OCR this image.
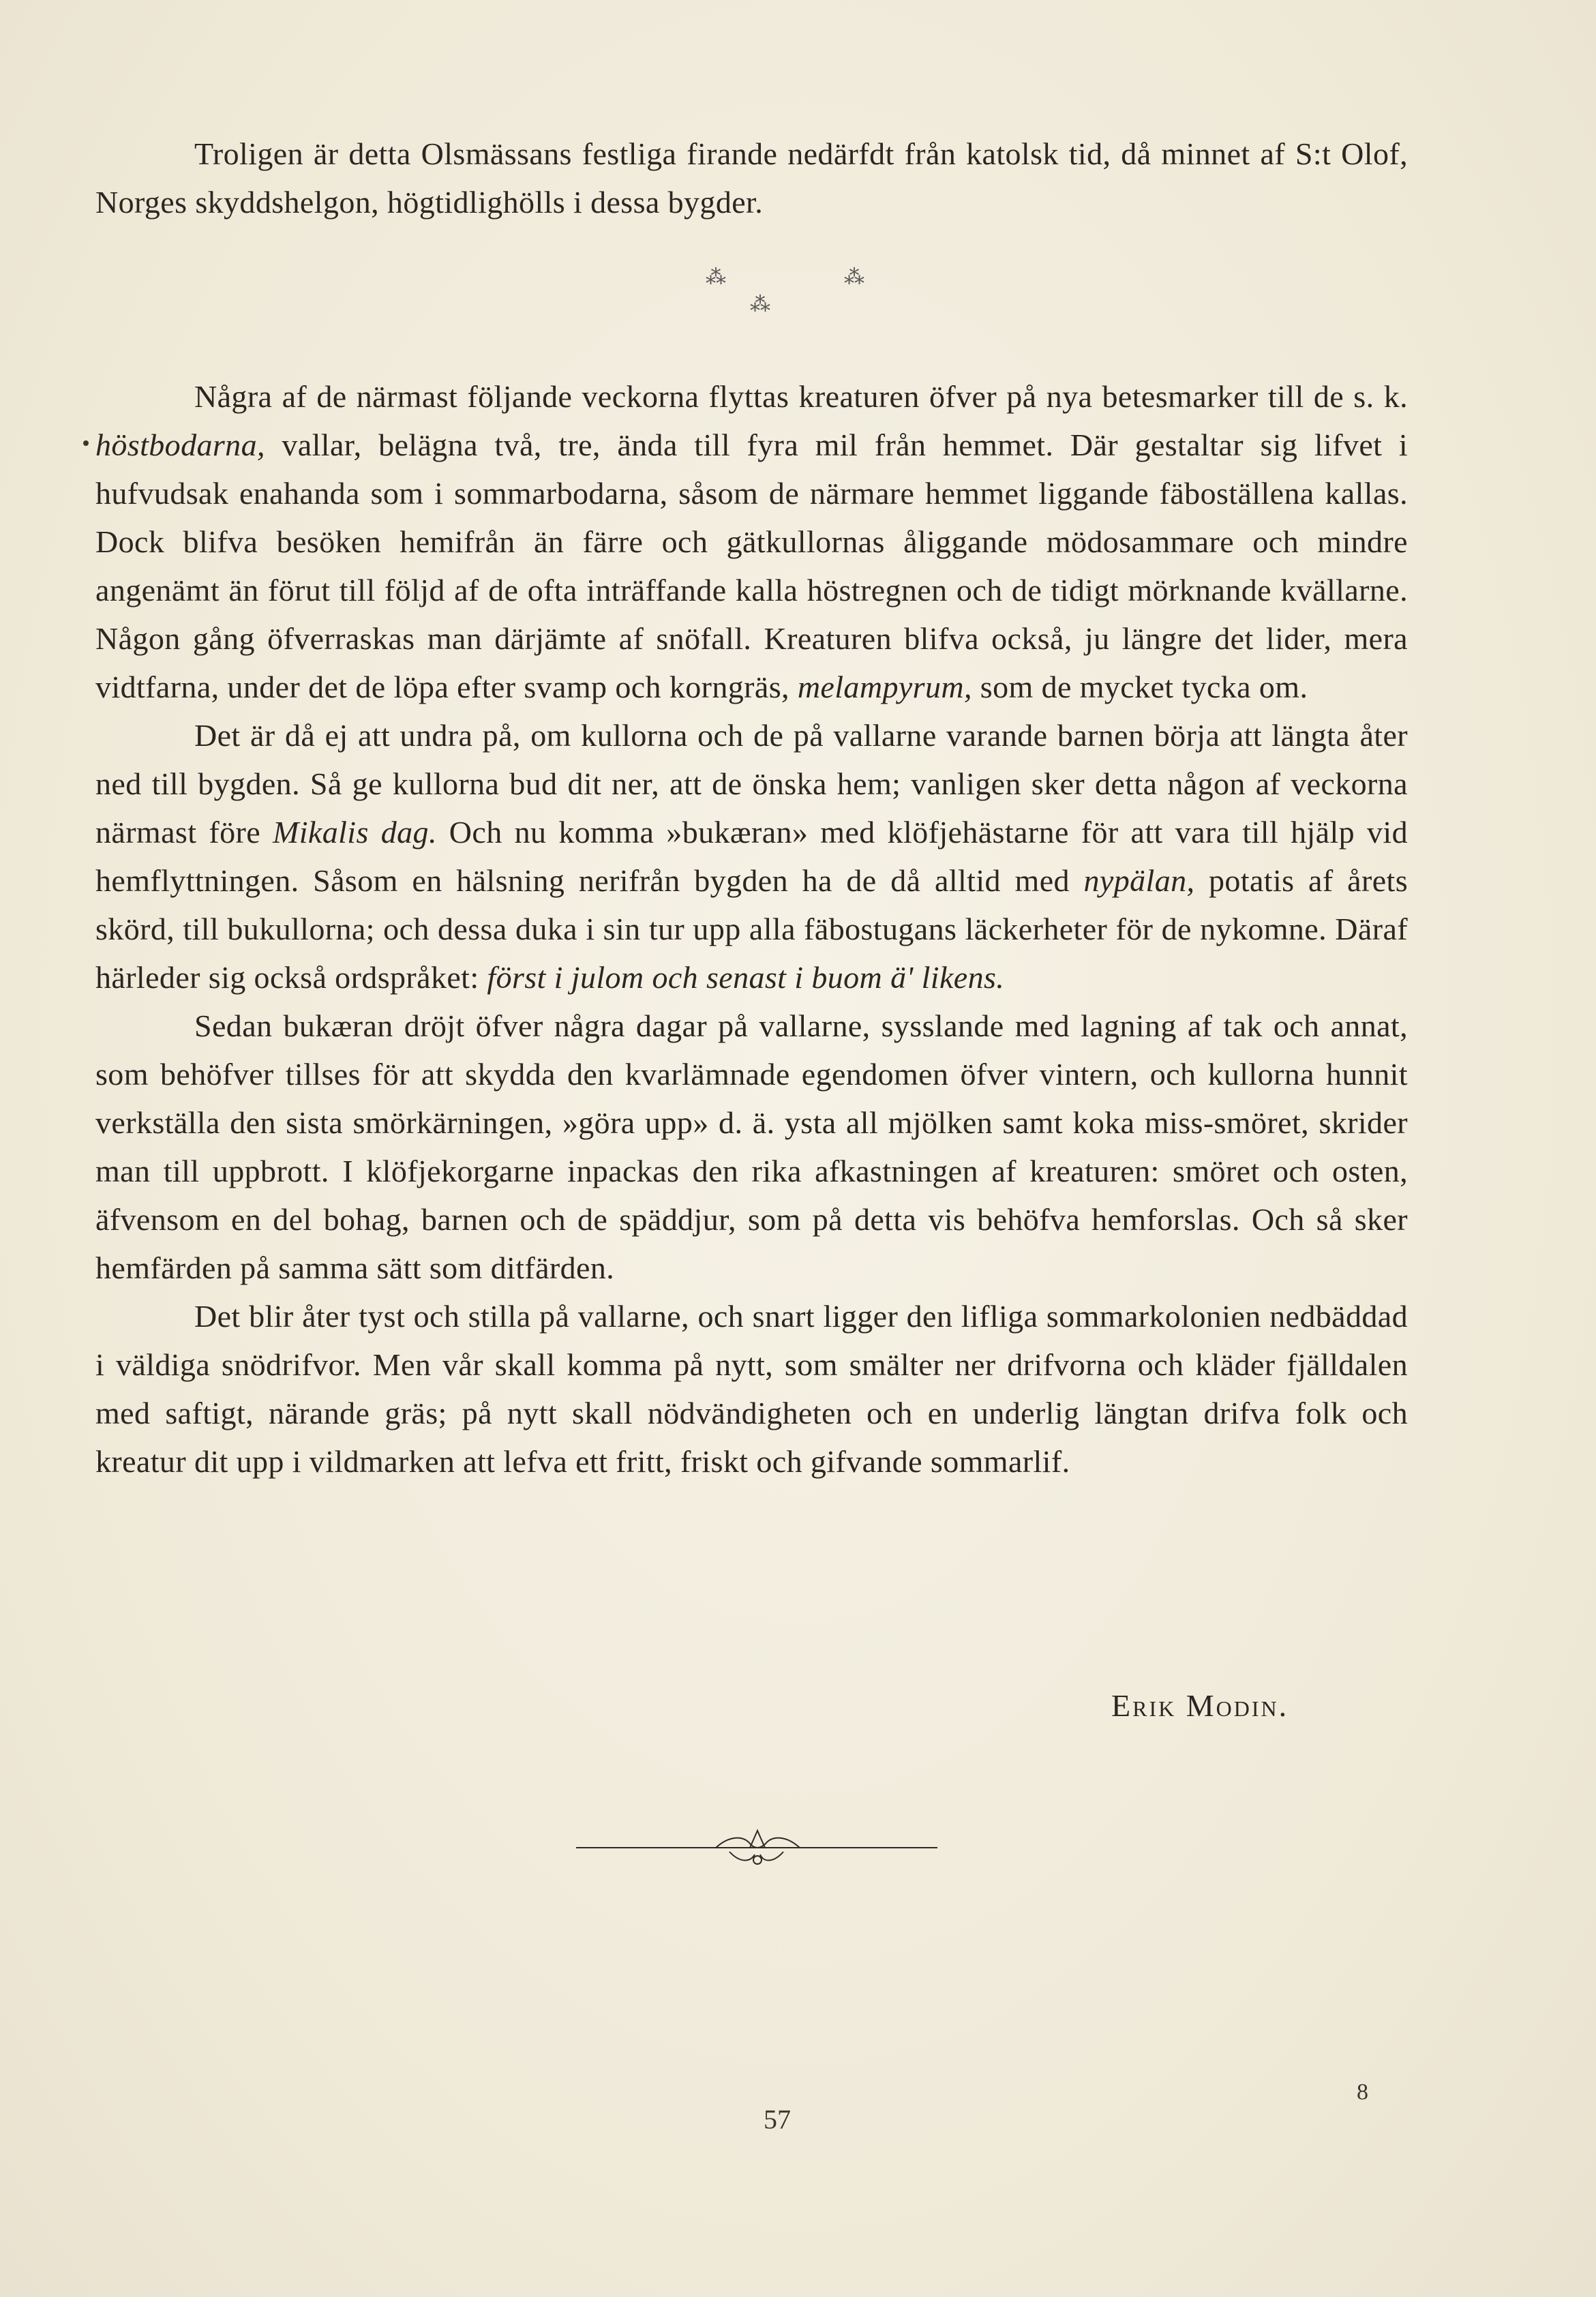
Troligen är detta Olsmässans festliga firande nedärfdt från katolsk tid, då minnet af S:t Olof, Norges skyddshelgon, högtidlighölls i dessa bygder.

⁂	⁂
⁂

Några af de närmast följande veckorna flyttas kreaturen öfver på nya betesmarker till de s. k. höstbodarna, vallar, belägna två, tre, ända till fyra mil från hemmet. Där gestaltar sig lifvet i hufvudsak enahanda som i sommarbodarna, såsom de närmare hemmet liggande fäboställena kallas. Dock blifva besöken hemifrån än färre och gätkullornas åliggande mödosammare och mindre angenämt än förut till följd af de ofta inträffande kalla höstregnen och de tidigt mörknande kvällarne. Någon gång öfverraskas man därjämte af snöfall. Kreaturen blifva också, ju längre det lider, mera vidtfarna, under det de löpa efter svamp och korngräs, melampyrum, som de mycket tycka om.

Det är då ej att undra på, om kullorna och de på vallarne varande barnen börja att längta åter ned till bygden. Så ge kullorna bud dit ner, att de önska hem; vanligen sker detta någon af veckorna närmast före Mikalis dag. Och nu komma »bukæran» med klöfjehästarne för att vara till hjälp vid hemflyttningen. Såsom en hälsning nerifrån bygden ha de då alltid med nypälan, potatis af årets skörd, till bukullorna; och dessa duka i sin tur upp alla fäbostugans läckerheter för de nykomne. Däraf härleder sig också ordspråket: först i julom och senast i buom ä' likens.

Sedan bukæran dröjt öfver några dagar på vallarne, sysslande med lagning af tak och annat, som behöfver tillses för att skydda den kvarlämnade egendomen öfver vintern, och kullorna hunnit verkställa den sista smörkärningen, »göra upp» d. ä. ysta all mjölken samt koka miss-smöret, skrider man till uppbrott. I klöfjekorgarne inpackas den rika afkastningen af kreaturen: smöret och osten, äfvensom en del bohag, barnen och de späddjur, som på detta vis behöfva hemforslas. Och så sker hemfärden på samma sätt som ditfärden.

Det blir åter tyst och stilla på vallarne, och snart ligger den lifliga sommarkolonien nedbäddad i väldiga snödrifvor. Men vår skall komma på nytt, som smälter ner drifvorna och kläder fjälldalen med saftigt, närande gräs; på nytt skall nödvändigheten och en underlig längtan drifva folk och kreatur dit upp i vildmarken att lefva ett fritt, friskt och gifvande sommarlif.

Erik Modin.
57
8
